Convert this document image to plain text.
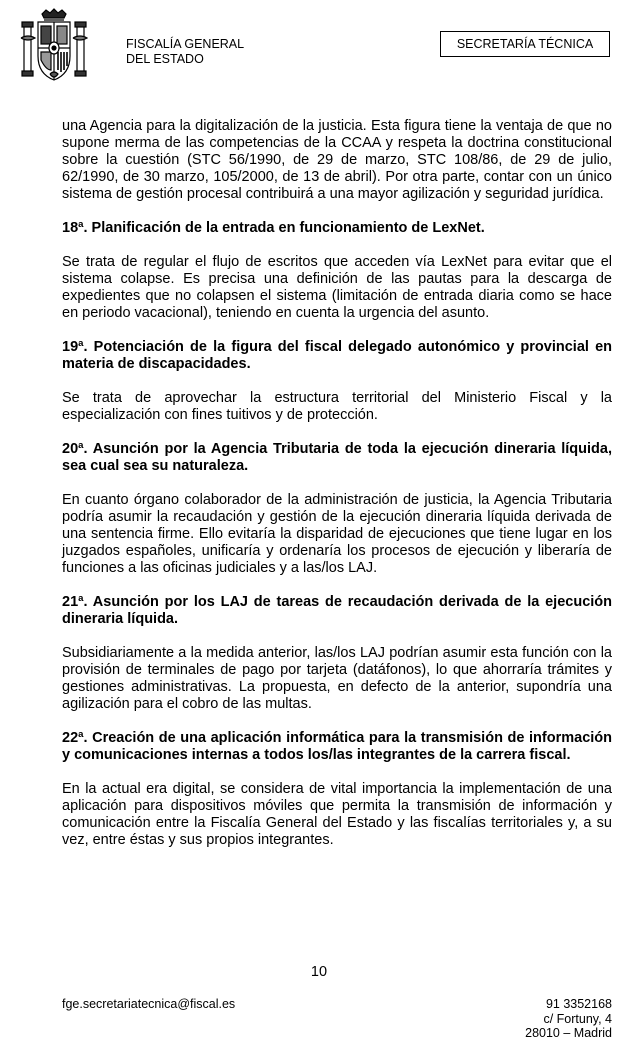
FISCALÍA GENERAL
DEL ESTADO
SECRETARÍA TÉCNICA

una Agencia para la digitalización de la justicia. Esta figura tiene la ventaja de que no supone merma de las competencias de la CCAA y respeta la doctrina constitucional sobre la cuestión (STC 56/1990, de 29 de marzo, STC 108/86, de 29 de julio, 62/1990, de 30 marzo, 105/2000, de 13 de abril). Por otra parte, contar con un único sistema de gestión procesal contribuirá a una mayor agilización y seguridad jurídica.

18ª. Planificación de la entrada en funcionamiento de LexNet.

Se trata de regular el flujo de escritos que acceden vía LexNet para evitar que el sistema colapse. Es precisa una definición de las pautas para la descarga de expedientes que no colapsen el sistema (limitación de entrada diaria como se hace en periodo vacacional), teniendo en cuenta la urgencia del asunto.

19ª. Potenciación de la figura del fiscal delegado autonómico y provincial en materia de discapacidades.

Se trata de aprovechar la estructura territorial del Ministerio Fiscal y la especialización con fines tuitivos y de protección.

20ª. Asunción por la Agencia Tributaria de toda la ejecución dineraria líquida, sea cual sea su naturaleza.

En cuanto órgano colaborador de la administración de justicia, la Agencia Tributaria podría asumir la recaudación y gestión de la ejecución dineraria líquida derivada de una sentencia firme. Ello evitaría la disparidad de ejecuciones que tiene lugar en los juzgados españoles, unificaría y ordenaría los procesos de ejecución y liberaría de funciones a las oficinas judiciales y a las/los LAJ.

21ª. Asunción por los LAJ de tareas de recaudación derivada de la ejecución dineraria líquida.

Subsidiariamente a la medida anterior, las/los LAJ podrían asumir esta función con la provisión de terminales de pago por tarjeta (datáfonos), lo que ahorraría trámites y gestiones administrativas. La propuesta, en defecto de la anterior, supondría una agilización para el cobro de las multas.

22ª. Creación de una aplicación informática para la transmisión de información y comunicaciones internas a todos los/las integrantes de la carrera fiscal.

En la actual era digital, se considera de vital importancia la implementación de una aplicación para dispositivos móviles que permita la transmisión de información y comunicación entre la Fiscalía General del Estado y las fiscalías territoriales y, a su vez, entre éstas y sus propios integrantes.

10
fge.secretariatecnica@fiscal.es	91 3352168
c/ Fortuny, 4
28010 – Madrid
